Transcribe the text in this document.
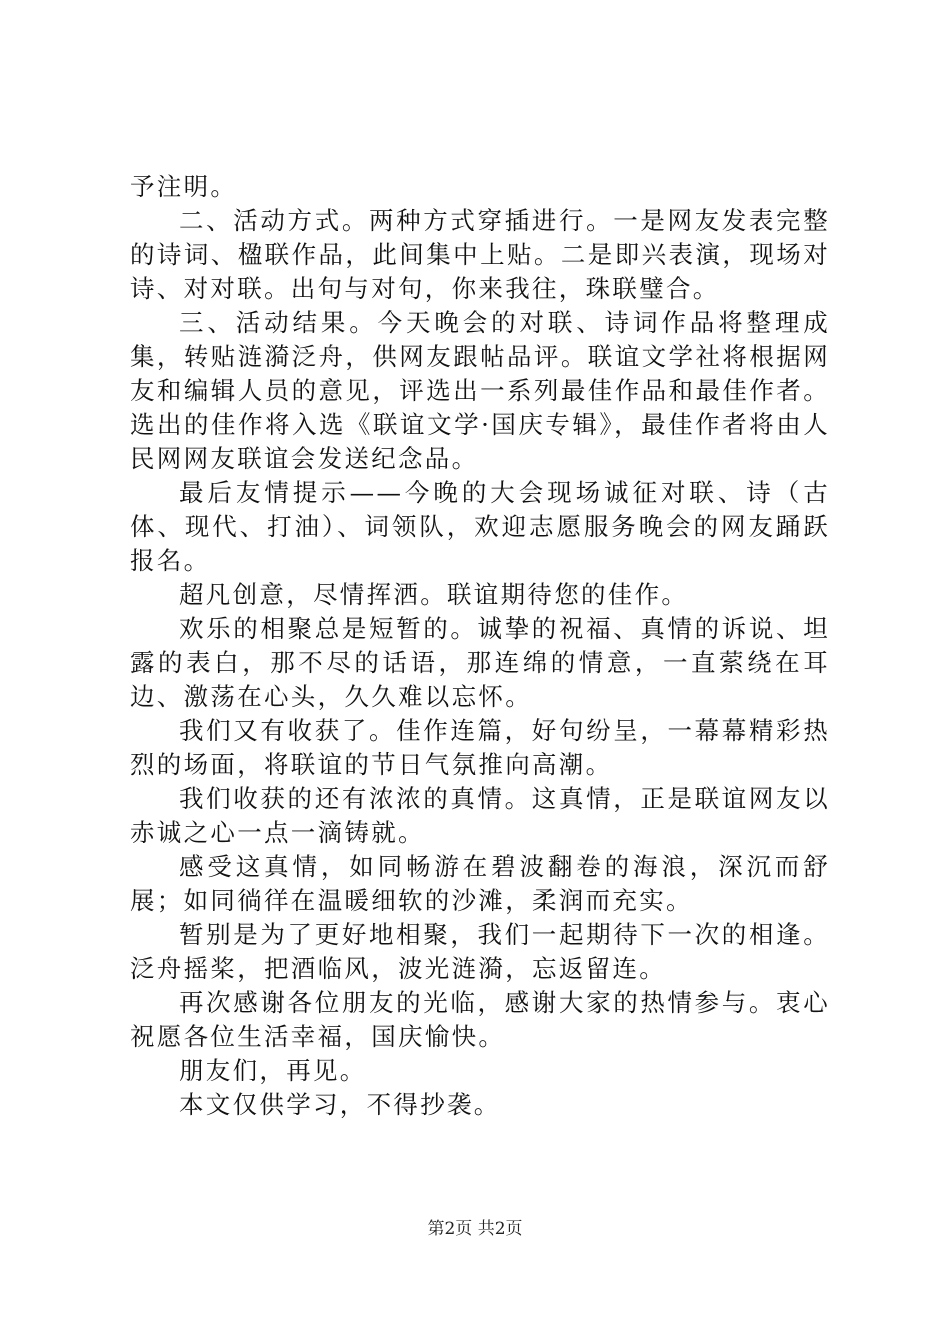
予注明。

二、活动方式。两种方式穿插进行。一是网友发表完整的诗词、楹联作品，此间集中上贴。二是即兴表演，现场对诗、对对联。出句与对句，你来我往，珠联璧合。

三、活动结果。今天晚会的对联、诗词作品将整理成集，转贴涟漪泛舟，供网友跟帖品评。联谊文学社将根据网友和编辑人员的意见，评选出一系列最佳作品和最佳作者。选出的佳作将入选《联谊文学·国庆专辑》，最佳作者将由人民网网友联谊会发送纪念品。

最后友情提示——今晚的大会现场诚征对联、诗（古体、现代、打油）、词领队，欢迎志愿服务晚会的网友踊跃报名。

超凡创意，尽情挥洒。联谊期待您的佳作。

欢乐的相聚总是短暂的。诚挚的祝福、真情的诉说、坦露的表白，那不尽的话语，那连绵的情意，一直萦绕在耳边、激荡在心头，久久难以忘怀。

我们又有收获了。佳作连篇，好句纷呈，一幕幕精彩热烈的场面，将联谊的节日气氛推向高潮。

我们收获的还有浓浓的真情。这真情，正是联谊网友以赤诚之心一点一滴铸就。

感受这真情，如同畅游在碧波翻卷的海浪，深沉而舒展；如同徜徉在温暖细软的沙滩，柔润而充实。

暂别是为了更好地相聚，我们一起期待下一次的相逢。泛舟摇桨，把酒临风，波光涟漪，忘返留连。

再次感谢各位朋友的光临，感谢大家的热情参与。衷心祝愿各位生活幸福，国庆愉快。

朋友们，再见。

本文仅供学习，不得抄袭。

第2页 共2页
